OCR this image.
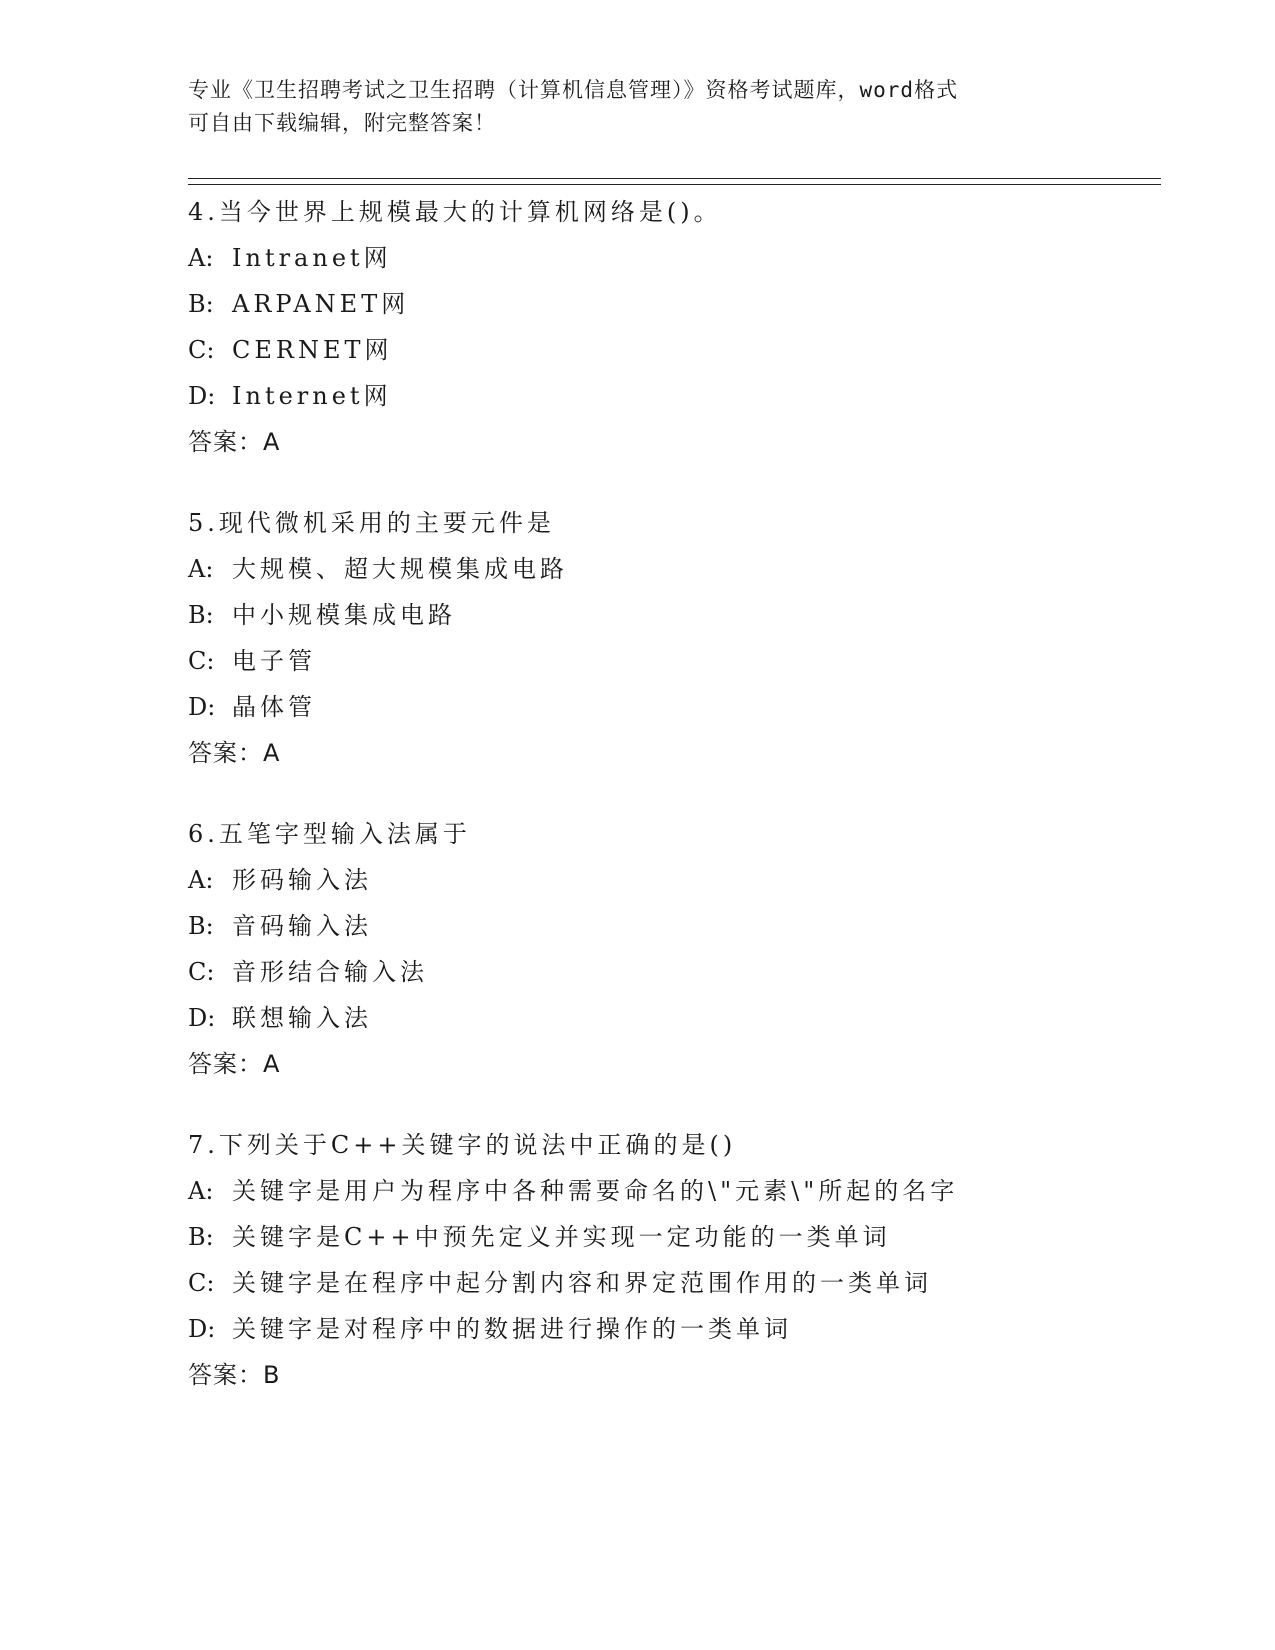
专业《卫生招聘考试之卫生招聘（计算机信息管理）》资格考试题库，word格式

可自由下载编辑，附完整答案！

4.当今世界上规模最大的计算机网络是()。
A: Intranet网
B: ARPANET网
C: CERNET网
D: Internet网
答案：A
5.现代微机采用的主要元件是
A: 大规模、超大规模集成电路
B: 中小规模集成电路
C: 电子管
D: 晶体管
答案：A
6.五笔字型输入法属于
A: 形码输入法
B: 音码输入法
C: 音形结合输入法
D: 联想输入法
答案：A
7.下列关于C++关键字的说法中正确的是()
A: 关键字是用户为程序中各种需要命名的\"元素\"所起的名字
B: 关键字是C++中预先定义并实现一定功能的一类单词
C: 关键字是在程序中起分割内容和界定范围作用的一类单词
D: 关键字是对程序中的数据进行操作的一类单词
答案：B
